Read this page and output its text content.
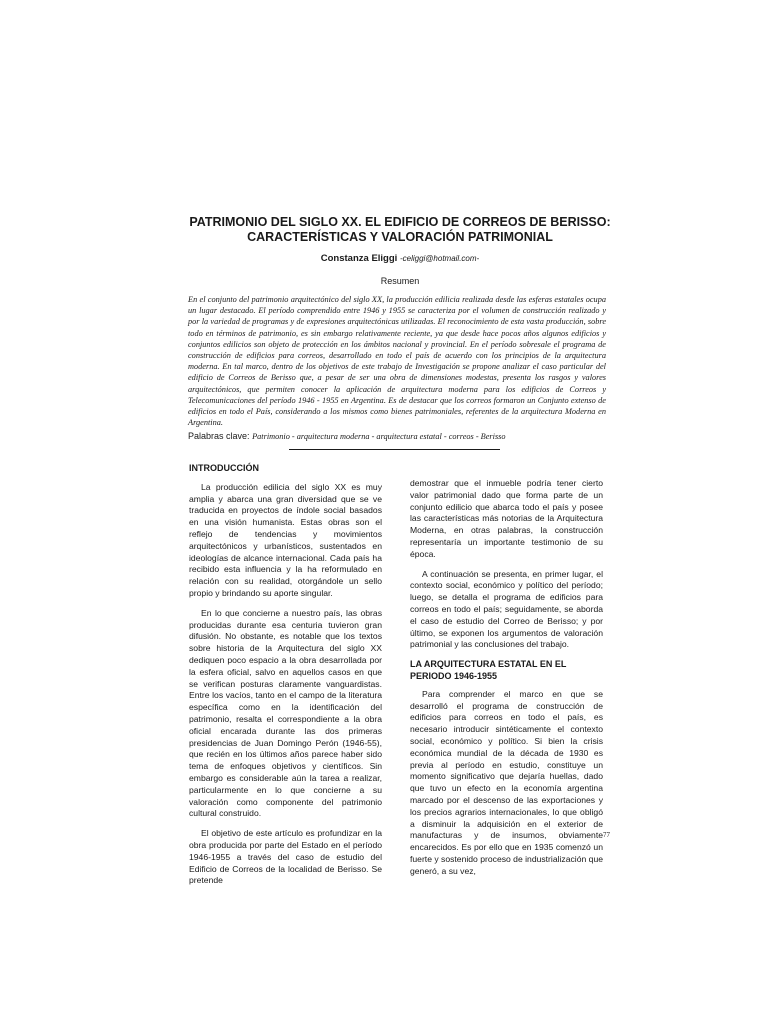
PATRIMONIO DEL SIGLO XX. EL EDIFICIO DE CORREOS DE BERISSO:
CARACTERÍSTICAS Y VALORACIÓN PATRIMONIAL

Constanza Eliggi -celiggi@hotmail.com-

Resumen

En el conjunto del patrimonio arquitectónico del siglo XX, la producción edilicia realizada desde las esferas estatales ocupa un lugar destacado. El período comprendido entre 1946 y 1955 se caracteriza por el volumen de construcción realizado y por la variedad de programas y de expresiones arquitectónicas utilizadas. El reconocimiento de esta vasta producción, sobre todo en términos de patrimonio, es sin embargo relativamente reciente, ya que desde hace pocos años algunos edificios y conjuntos edilicios son objeto de protección en los ámbitos nacional y provincial. En el período sobresale el programa de construcción de edificios para correos, desarrollado en todo el país de acuerdo con los principios de la arquitectura moderna. En tal marco, dentro de los objetivos de este trabajo de Investigación se propone analizar el caso particular del edificio de Correos de Berisso que, a pesar de ser una obra de dimensiones modestas, presenta los rasgos y valores arquitectónicos, que permiten conocer la aplicación de arquitectura moderna para los edificios de Correos y Telecomunicaciones del período 1946 - 1955 en Argentina. Es de destacar que los correos formaron un Conjunto extenso de edificios en todo el País, considerando a los mismos como bienes patrimoniales, referentes de la arquitectura Moderna en Argentina.

Palabras clave: Patrimonio - arquitectura moderna - arquitectura estatal - correos - Berisso

INTRODUCCIÓN

La producción edilicia del siglo XX es muy amplia y abarca una gran diversidad que se ve traducida en proyectos de índole social basados en una visión humanista. Estas obras son el reflejo de tendencias y movimientos arquitectónicos y urbanísticos, sustentados en ideologías de alcance internacional. Cada país ha recibido esta influencia y la ha reformulado en relación con su realidad, otorgándole un sello propio y brindando su aporte singular.

En lo que concierne a nuestro país, las obras producidas durante esa centuria tuvieron gran difusión. No obstante, es notable que los textos sobre historia de la Arquitectura del siglo XX dediquen poco espacio a la obra desarrollada por la esfera oficial, salvo en aquellos casos en que se verifican posturas claramente vanguardistas. Entre los vacíos, tanto en el campo de la literatura específica como en la identificación del patrimonio, resalta el correspondiente a la obra oficial encarada durante las dos primeras presidencias de Juan Domingo Perón (1946-55), que recién en los últimos años parece haber sido tema de enfoques objetivos y científicos. Sin embargo es considerable aún la tarea a realizar, particularmente en lo que concierne a su valoración como componente del patrimonio cultural construido.

El objetivo de este artículo es profundizar en la obra producida por parte del Estado en el período 1946-1955 a través del caso de estudio del Edificio de Correos de la localidad de Berisso. Se pretende

demostrar que el inmueble podría tener cierto valor patrimonial dado que forma parte de un conjunto edilicio que abarca todo el país y posee las características más notorias de la Arquitectura Moderna, en otras palabras, la construcción representaría un importante testimonio de su época.

A continuación se presenta, en primer lugar, el contexto social, económico y político del período; luego, se detalla el programa de edificios para correos en todo el país; seguidamente, se aborda el caso de estudio del Correo de Berisso; y por último, se exponen los argumentos de valoración patrimonial y las conclusiones del trabajo.

LA ARQUITECTURA ESTATAL EN EL PERIODO 1946-1955

Para comprender el marco en que se desarrolló el programa de construcción de edificios para correos en todo el país, es necesario introducir sintéticamente el contexto social, económico y político. Si bien la crisis económica mundial de la década de 1930 es previa al período en estudio, constituye un momento significativo que dejaría huellas, dado que tuvo un efecto en la economía argentina marcado por el descenso de las exportaciones y los precios agrarios internacionales, lo que obligó a disminuir la adquisición en el exterior de manufacturas y de insumos, obviamente encarecidos. Es por ello que en 1935 comenzó un fuerte y sostenido proceso de industrialización que generó, a su vez,

77
